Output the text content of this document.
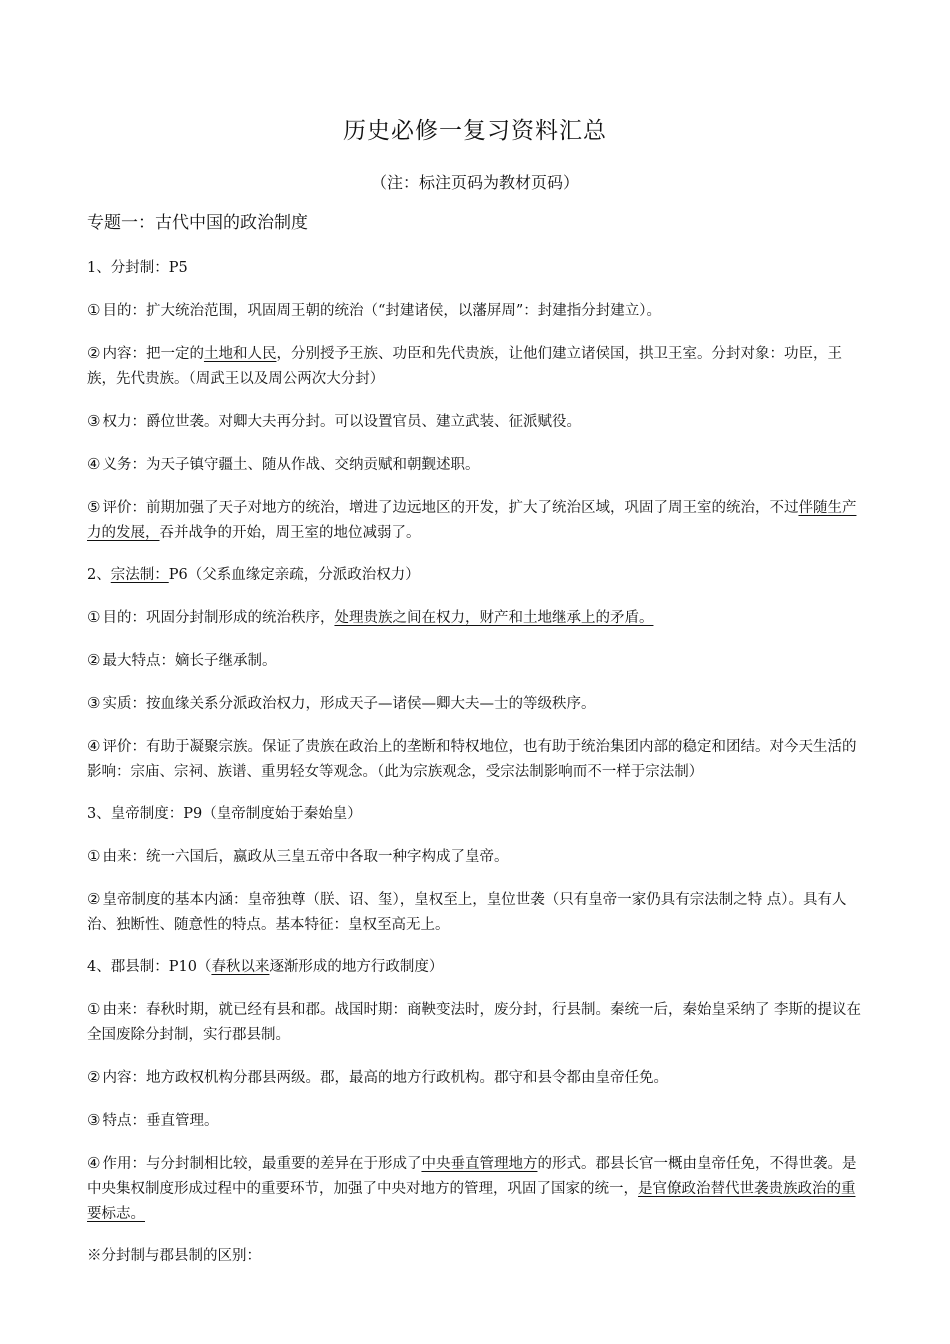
历史必修一复习资料汇总
（注：标注页码为教材页码）
专题一：古代中国的政治制度

1、分封制：P5

① 目的：扩大统治范围，巩固周王朝的统治（“封建诸侯，以藩屏周”：封建指分封建立）。

② 内容：把一定的土地和人民，分别授予王族、功臣和先代贵族，让他们建立诸侯国，拱卫王室。分封对象：功臣，王族，先代贵族。（周武王以及周公两次大分封）

③ 权力：爵位世袭。对卿大夫再分封。可以设置官员、建立武装、征派赋役。

④ 义务：为天子镇守疆土、随从作战、交纳贡赋和朝觐述职。

⑤ 评价：前期加强了天子对地方的统治，增进了边远地区的开发，扩大了统治区域，巩固了周王室的统治，不过伴随生产力的发展，吞并战争的开始，周王室的地位减弱了。

2、宗法制：P6（父系血缘定亲疏，分派政治权力）

① 目的：巩固分封制形成的统治秩序，处理贵族之间在权力，财产和土地继承上的矛盾。

② 最大特点：嫡长子继承制。

③ 实质：按血缘关系分派政治权力，形成天子—诸侯—卿大夫—士的等级秩序。

④ 评价：有助于凝聚宗族。保证了贵族在政治上的垄断和特权地位，也有助于统治集团内部的稳定和团结。对今天生活的影响：宗庙、宗祠、族谱、重男轻女等观念。（此为宗族观念，受宗法制影响而不一样于宗法制）

3、皇帝制度：P9（皇帝制度始于秦始皇）

① 由来：统一六国后，嬴政从三皇五帝中各取一种字构成了皇帝。

② 皇帝制度的基本内涵：皇帝独尊（朕、诏、玺），皇权至上，皇位世袭（只有皇帝一家仍具有宗法制之特 点）。具有人治、独断性、随意性的特点。基本特征：皇权至高无上。

4、郡县制：P10（春秋以来逐渐形成的地方行政制度）

① 由来：春秋时期，就已经有县和郡。战国时期：商鞅变法时，废分封，行县制。秦统一后，秦始皇采纳了 李斯的提议在全国废除分封制，实行郡县制。

② 内容：地方政权机构分郡县两级。郡，最高的地方行政机构。郡守和县令都由皇帝任免。

③ 特点：垂直管理。

④ 作用：与分封制相比较，最重要的差异在于形成了中央垂直管理地方的形式。郡县长官一概由皇帝任免，不得世袭。是中央集权制度形成过程中的重要环节，加强了中央对地方的管理，巩固了国家的统一，是官僚政治替代世袭贵族政治的重要标志。

※分封制与郡县制的区别：
